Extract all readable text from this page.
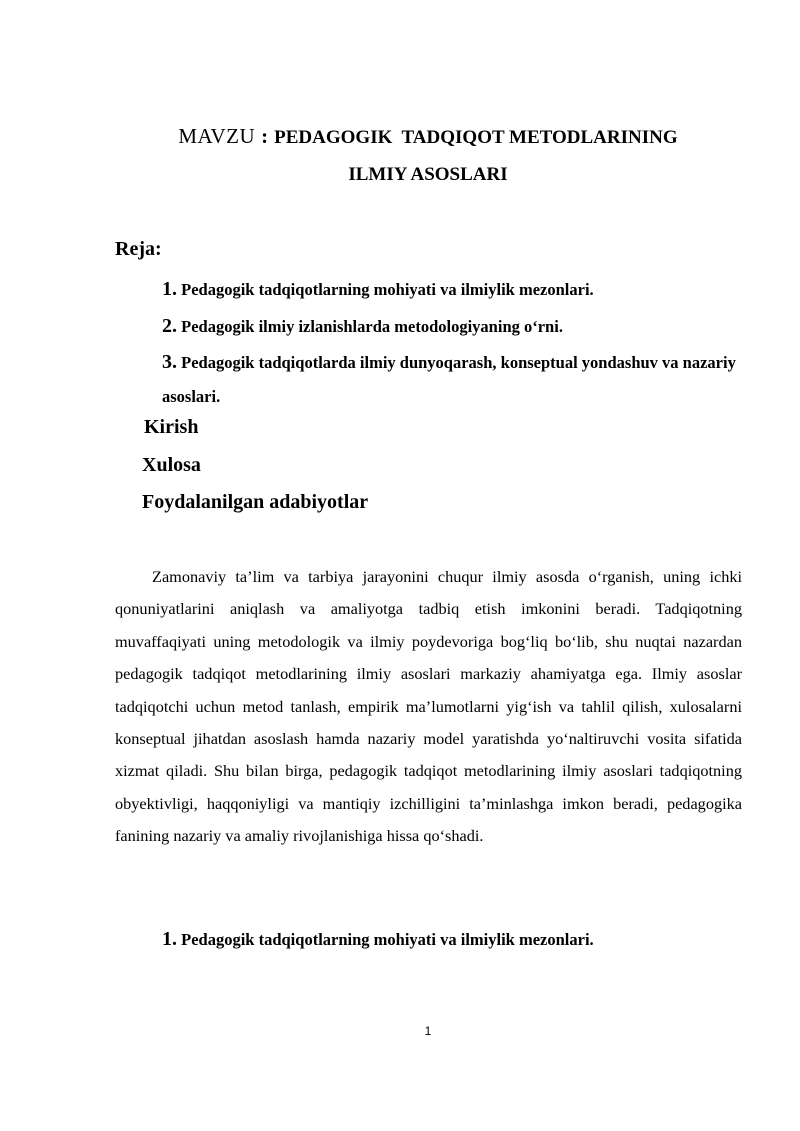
MAVZU : PEDAGOGIK  TADQIQOT METODLARINING
ILMIY ASOSLARI
Reja:
1. Pedagogik tadqiqotlarning mohiyati va ilmiylik mezonlari.
2. Pedagogik ilmiy izlanishlarda metodologiyaning o‘rni.
3. Pedagogik tadqiqotlarda ilmiy dunyoqarash, konseptual yondashuv va nazariy asoslari.
Kirish
Xulosa
Foydalanilgan adabiyotlar

Zamonaviy ta’lim va tarbiya jarayonini chuqur ilmiy asosda o‘rganish, uning ichki qonuniyatlarini aniqlash va amaliyotga tadbiq etish imkonini beradi. Tadqiqotning muvaffaqiyati uning metodologik va ilmiy poydevoriga bog‘liq bo‘lib, shu nuqtai nazardan pedagogik tadqiqot metodlarining ilmiy asoslari markaziy ahamiyatga ega. Ilmiy asoslar tadqiqotchi uchun metod tanlash, empirik ma’lumotlarni yig‘ish va tahlil qilish, xulosalarni konseptual jihatdan asoslash hamda nazariy model yaratishda yo‘naltiruvchi vosita sifatida xizmat qiladi. Shu bilan birga, pedagogik tadqiqot metodlarining ilmiy asoslari tadqiqotning obyektivligi, haqqoniyligi va mantiqiy izchilligini ta’minlashga imkon beradi, pedagogika fanining nazariy va amaliy rivojlanishiga hissa qo‘shadi.

1. Pedagogik tadqiqotlarning mohiyati va ilmiylik mezonlari.
1
